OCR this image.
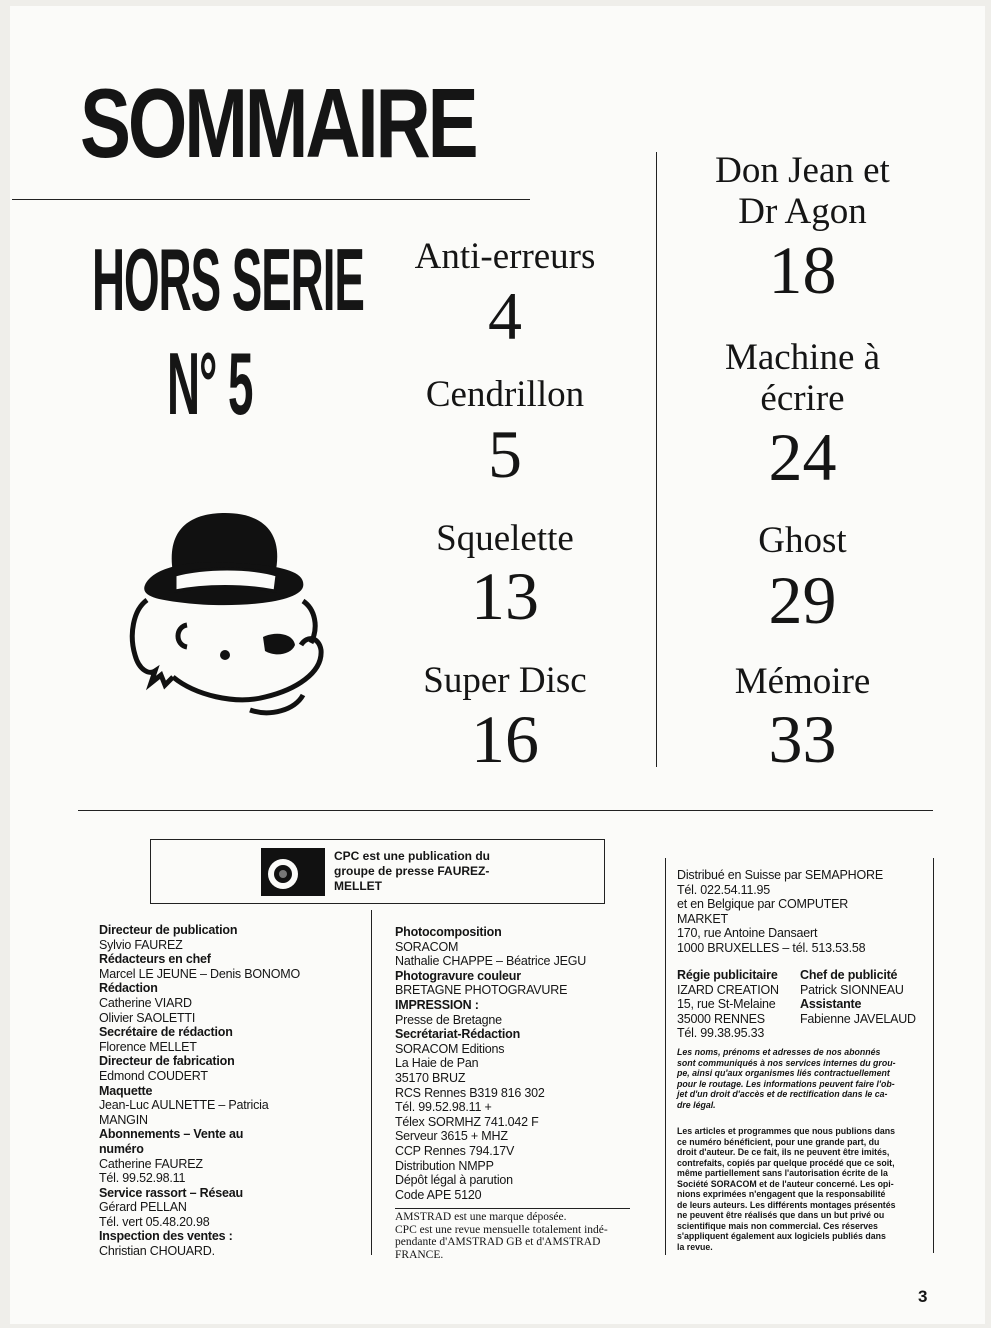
SOMMAIRE
HORS SERIE
N° 5
Anti-erreurs
4
Cendrillon
5
Squelette
13
Super Disc
16
Don Jean et
Dr Agon
18
Machine à
écrire
24
Ghost
29
Mémoire
33
CPC est une publication du groupe de presse FAUREZ-MELLET
Directeur de publication
Sylvio FAUREZ
Rédacteurs en chef
Marcel LE JEUNE – Denis BONOMO
Rédaction
Catherine VIARD
Olivier SAOLETTI
Secrétaire de rédaction
Florence MELLET
Directeur de fabrication
Edmond COUDERT
Maquette
Jean-Luc AULNETTE – Patricia
MANGIN
Abonnements – Vente au
numéro
Catherine FAUREZ
Tél. 99.52.98.11
Service rassort – Réseau
Gérard PELLAN
Tél. vert 05.48.20.98
Inspection des ventes :
Christian CHOUARD.
Photocomposition
SORACOM
Nathalie CHAPPE – Béatrice JEGU
Photogravure couleur
BRETAGNE PHOTOGRAVURE
IMPRESSION :
Presse de Bretagne
Secrétariat-Rédaction
SORACOM Editions
La Haie de Pan
35170 BRUZ
RCS Rennes B319 816 302
Tél. 99.52.98.11 +
Télex SORMHZ 741.042 F
Serveur 3615 + MHZ
CCP Rennes 794.17V
Distribution NMPP
Dépôt légal à parution
Code APE 5120
AMSTRAD est une marque déposée.
CPC est une revue mensuelle totalement indé-
pendante d'AMSTRAD GB et d'AMSTRAD
FRANCE.
Distribué en Suisse par SEMAPHORE
Tél. 022.54.11.95
et en Belgique par COMPUTER
MARKET
170, rue Antoine Dansaert
1000 BRUXELLES – tél. 513.53.58
Régie publicitaire
IZARD CREATION
15, rue St-Melaine
35000 RENNES
Tél. 99.38.95.33
Chef de publicité
Patrick SIONNEAU
Assistante
Fabienne JAVELAUD
Les noms, prénoms et adresses de nos abonnés
sont communiqués à nos services internes du grou-
pe, ainsi qu'aux organismes liés contractuellement
pour le routage. Les informations peuvent faire l'ob-
jet d'un droit d'accès et de rectification dans le ca-
dre légal.
Les articles et programmes que nous publions dans
ce numéro bénéficient, pour une grande part, du
droit d'auteur. De ce fait, ils ne peuvent être imités,
contrefaits, copiés par quelque procédé que ce soit,
même partiellement sans l'autorisation écrite de la
Société SORACOM et de l'auteur concerné. Les opi-
nions exprimées n'engagent que la responsabilité
de leurs auteurs. Les différents montages présentés
ne peuvent être réalisés que dans un but privé ou
scientifique mais non commercial. Ces réserves
s'appliquent également aux logiciels publiés dans
la revue.
3
